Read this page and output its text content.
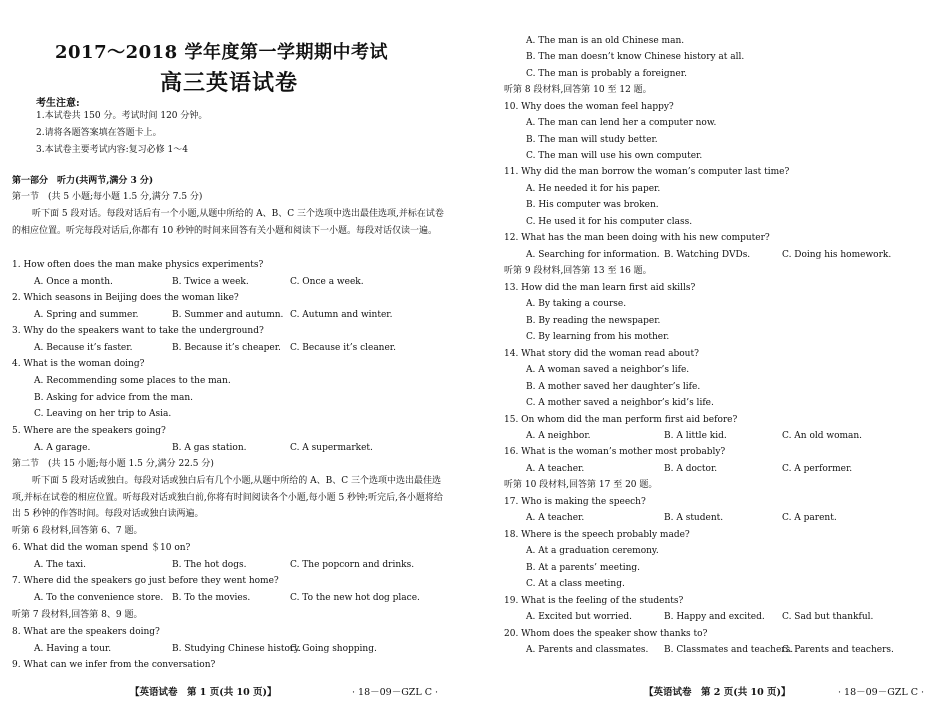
2017～2018 学年度第一学期期中考试
高三英语试卷
考生注意:
1.本试卷共 150 分。考试时间 120 分钟。
2.请将各题答案填在答题卡上。
3.本试卷主要考试内容:复习必修 1～4
第一部分　听力(共两节,满分 3 分)
第一节　(共 5 小题;每小题 1.5 分,满分 7.5 分)
听下面 5 段对话。每段对话后有一个小题,从题中所给的 A、B、C 三个选项中选出最佳选项,并标在试卷的相应位置。听完每段对话后,你都有 10 秒钟的时间来回答有关小题和阅读下一小题。每段对话仅读一遍。
1. How often does the man make physics experiments?
A. Once a month.	B. Twice a week.	C. Once a week.
2. Which seasons in Beijing does the woman like?
A. Spring and summer.	B. Summer and autumn. C. Autumn and winter.
3. Why do the speakers want to take the underground?
A. Because it’s faster.	B. Because it’s cheaper. C. Because it’s cleaner.
4. What is the woman doing?
A. Recommending some places to the man.
B. Asking for advice from the man.
C. Leaving on her trip to Asia.
5. Where are the speakers going?
A. A garage.	B. A gas station.	C. A supermarket.
第二节　(共 15 小题;每小题 1.5 分,满分 22.5 分)
听下面 5 段对话或独白。每段对话或独白后有几个小题,从题中所给的 A、B、C 三个选项中选出最佳选项,并标在试卷的相应位置。听每段对话或独白前,你将有时间阅读各个小题,每小题 5 秒钟;听完后,各小题将给出 5 秒钟的作答时间。每段对话或独白读两遍。
听第 6 段材料,回答第 6、7 题。
6. What did the woman spend ＄10 on?
A. The taxi.	B. The hot dogs.	C. The popcorn and drinks.
7. Where did the speakers go just before they went home?
A. To the convenience store. B. To the movies.	C. To the new hot dog place.
听第 7 段材料,回答第 8、9 题。
8. What are the speakers doing?
A. Having a tour.	B. Studying Chinese history.
C. Going shopping.
9. What can we infer from the conversation?
【英语试卷　第 1 页(共 10 页)】	· 18－09－GZL C ·
A. The man is an old Chinese man.
B. The man doesn’t know Chinese history at all.
C. The man is probably a foreigner.
听第 8 段材料,回答第 10 至 12 题。
10. Why does the woman feel happy?
A. The man can lend her a computer now.
B. The man will study better.
C. The man will use his own computer.
11. Why did the man borrow the woman’s computer last time?
A. He needed it for his paper.
B. His computer was broken.
C. He used it for his computer class.
12. What has the man been doing with his new computer?
A. Searching for information. B. Watching DVDs.	C. Doing his homework.
听第 9 段材料,回答第 13 至 16 题。
13. How did the man learn first aid skills?
A. By taking a course.
B. By reading the newspaper.
C. By learning from his mother.
14. What story did the woman read about?
A. A woman saved a neighbor’s life.
B. A mother saved her daughter’s life.
C. A mother saved a neighbor’s kid’s life.
15. On whom did the man perform first aid before?
A. A neighbor.	B. A little kid.	C. An old woman.
16. What is the woman’s mother most probably?
A. A teacher.	B. A doctor.	C. A performer.
听第 10 段材料,回答第 17 至 20 题。
17. Who is making the speech?
A. A teacher.	B. A student.	C. A parent.
18. Where is the speech probably made?
A. At a graduation ceremony.
B. At a parents’ meeting.
C. At a class meeting.
19. What is the feeling of the students?
A. Excited but worried.	B. Happy and excited. C. Sad but thankful.
20. Whom does the speaker show thanks to?
A. Parents and classmates. B. Classmates and teachers.
C. Parents and teachers.
【英语试卷　第 2 页(共 10 页)】	· 18－09－GZL C ·
